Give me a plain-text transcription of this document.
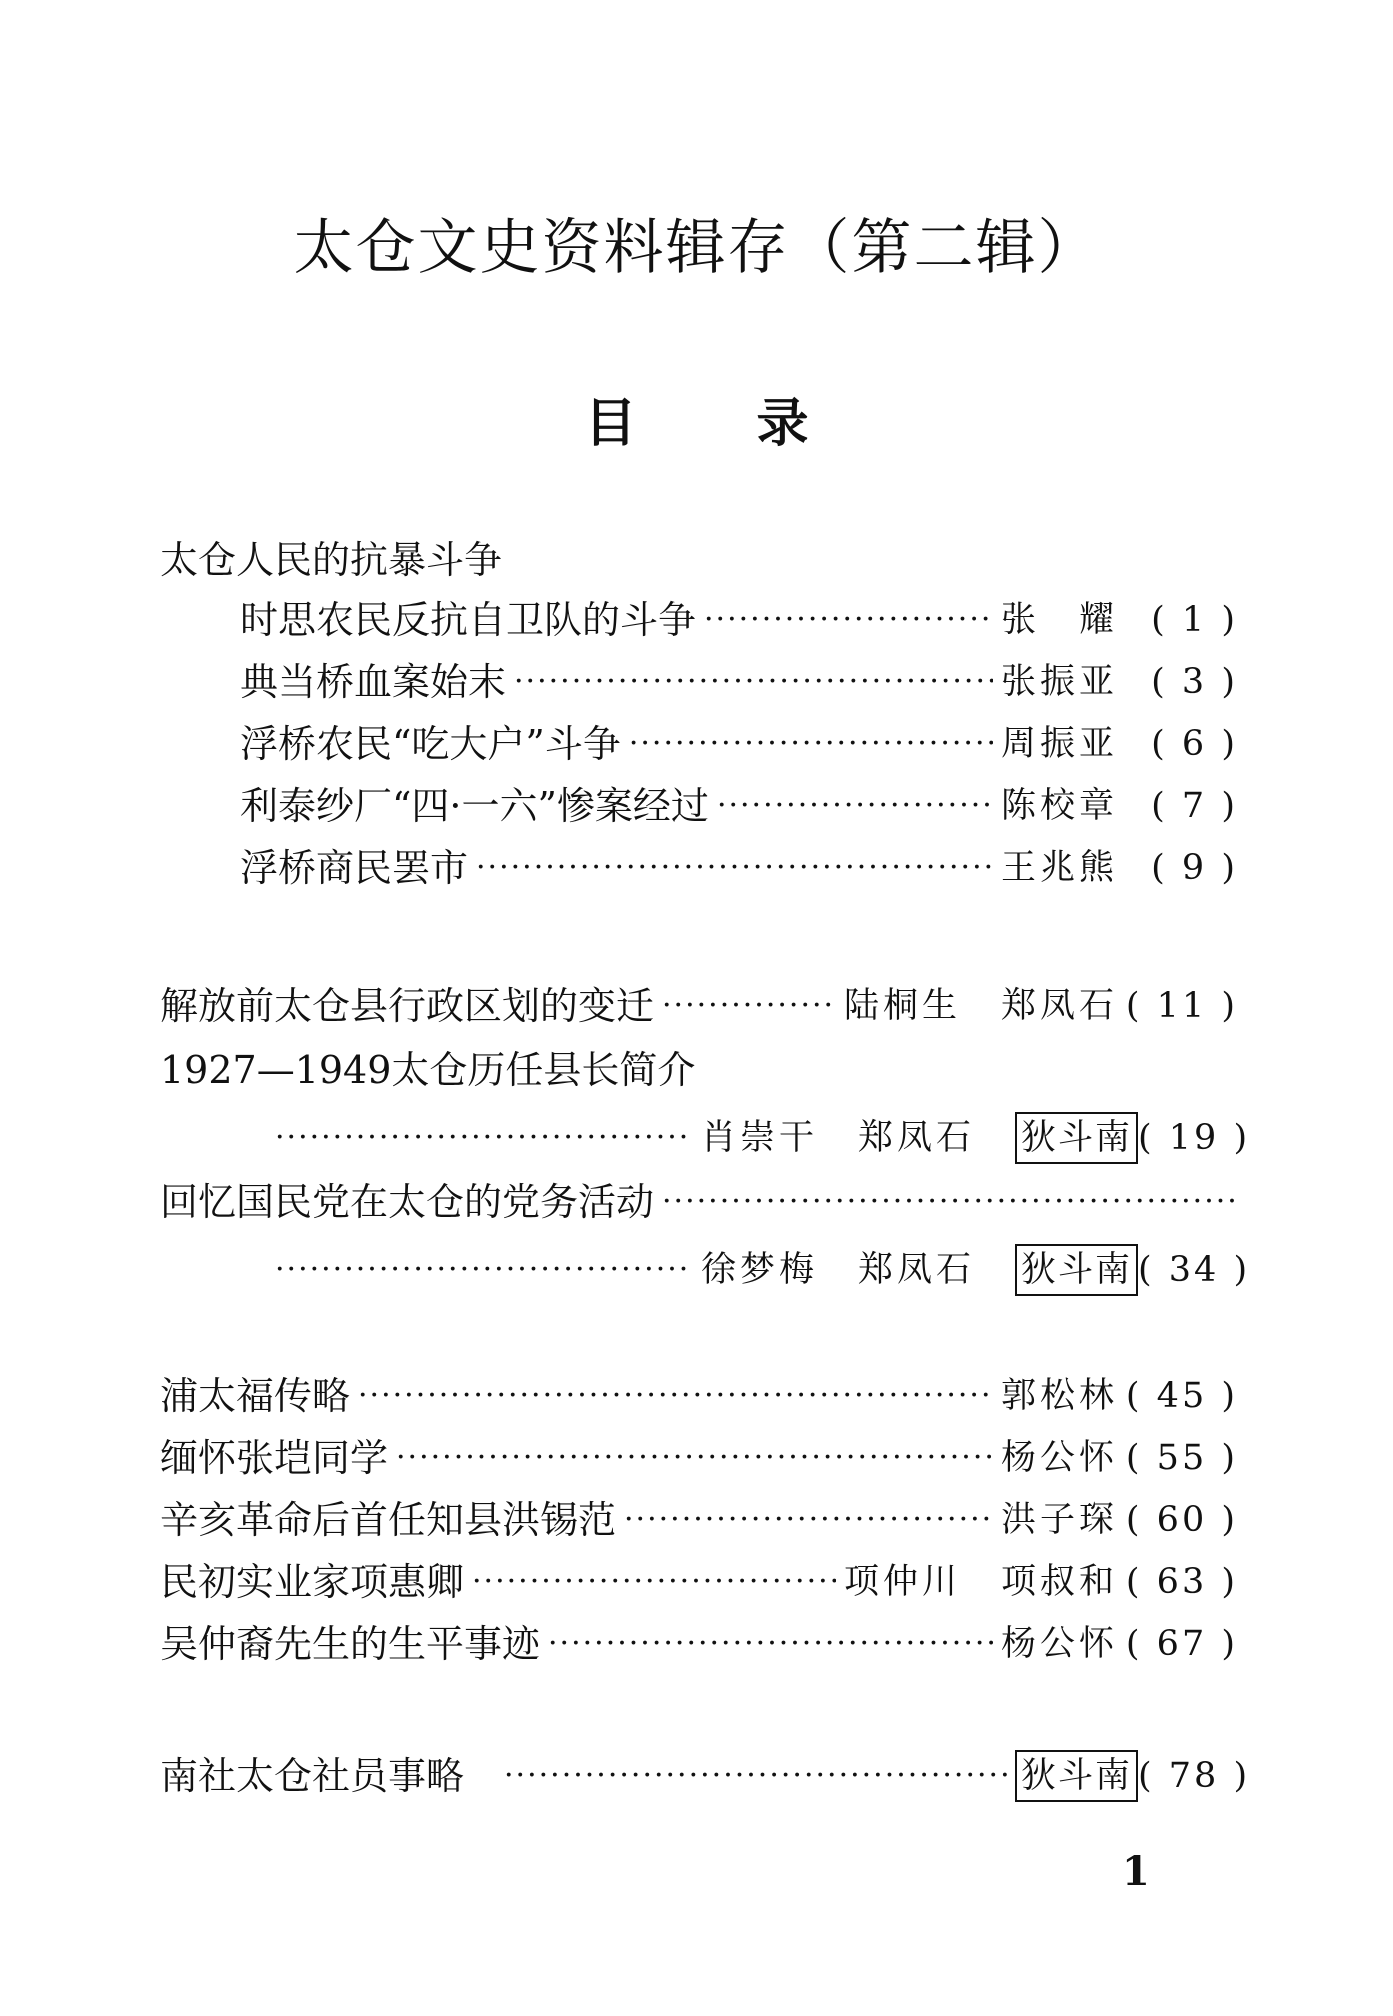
太仓文史资料辑存（第二辑）
目 录
太仓人民的抗暴斗争
时思农民反抗自卫队的斗争 ·····	张　耀 ( 1 )
典当桥血案始末 ·····	张振亚 ( 3 )
浮桥农民“吃大户”斗争 ·····	周振亚 ( 6 )
利泰纱厂“四·一六”惨案经过 ·····	陈校章 ( 7 )
浮桥商民罢市 ·····	王兆熊 ( 9 )
解放前太仓县行政区划的变迁 ·····	陆桐生 郑凤石 ( 11 )
1927—1949太仓历任县长简介
·····
肖崇干 郑凤石 狄斗南 ( 19 )
回忆国民党在太仓的党务活动
·····
·····
徐梦梅 郑凤石 狄斗南 ( 34 )
浦太福传略 ·····	郭松林 ( 45 )
缅怀张垲同学 ·····	杨公怀 ( 55 )
辛亥革命后首任知县洪锡范 ·····	洪子琛 ( 60 )
民初实业家项惠卿 ·····	项仲川 项叔和 ( 63 )
吴仲裔先生的生平事迹 ·····	杨公怀 ( 67 )
南社太仓社员事略 ·····	狄斗南 ( 78 )
1
